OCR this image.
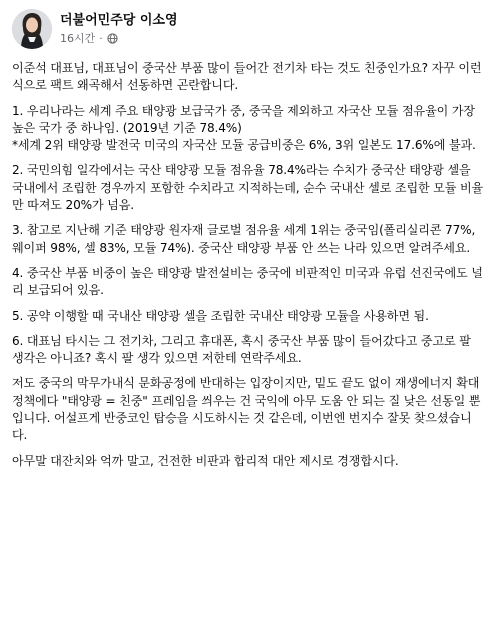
더불어민주당 이소영
16시간 ·

이준석 대표님, 대표님이 중국산 부품 많이 들어간 전기차 타는 것도 친중인가요? 자꾸 이런 식으로 팩트 왜곡해서 선동하면 곤란합니다.

1. 우리나라는 세계 주요 태양광 보급국가 중, 중국을 제외하고 자국산 모듈 점유율이 가장 높은 국가 중 하나임. (2019년 기준 78.4%)
*세계 2위 태양광 발전국 미국의 자국산 모듈 공급비중은 6%, 3위 일본도 17.6%에 불과.

2. 국민의힘 일각에서는 국산 태양광 모듈 점유율 78.4%라는 수치가 중국산 태양광 셀을 국내에서 조립한 경우까지 포함한 수치라고 지적하는데, 순수 국내산 셀로 조립한 모듈 비율만 따져도 20%가 넘음.

3. 참고로 지난해 기준 태양광 원자재 글로벌 점유율 세계 1위는 중국임(폴리실리콘 77%, 웨이퍼 98%, 셀 83%, 모듈 74%). 중국산 태양광 부품 안 쓰는 나라 있으면 알려주세요.

4. 중국산 부품 비중이 높은 태양광 발전설비는 중국에 비판적인 미국과 유럽 선진국에도 널리 보급되어 있음.

5. 공약 이행할 때 국내산 태양광 셀을 조립한 국내산 태양광 모듈을 사용하면 됨.

6. 대표님 타시는 그 전기차, 그리고 휴대폰, 혹시 중국산 부품 많이 들어갔다고 중고로 팔 생각은 아니죠? 혹시 팔 생각 있으면 저한테 연락주세요.

저도 중국의 막무가내식 문화공정에 반대하는 입장이지만, 밑도 끝도 없이 재생에너지 확대 정책에다 "태양광 = 친중" 프레임을 씌우는 건 국익에 아무 도움 안 되는 질 낮은 선동일 뿐입니다. 어설프게 반중코인 탑승을 시도하시는 것 같은데, 이번엔 번지수 잘못 찾으셨습니다.

아무말 대잔치와 억까 말고, 건전한 비판과 합리적 대안 제시로 경쟁합시다.
